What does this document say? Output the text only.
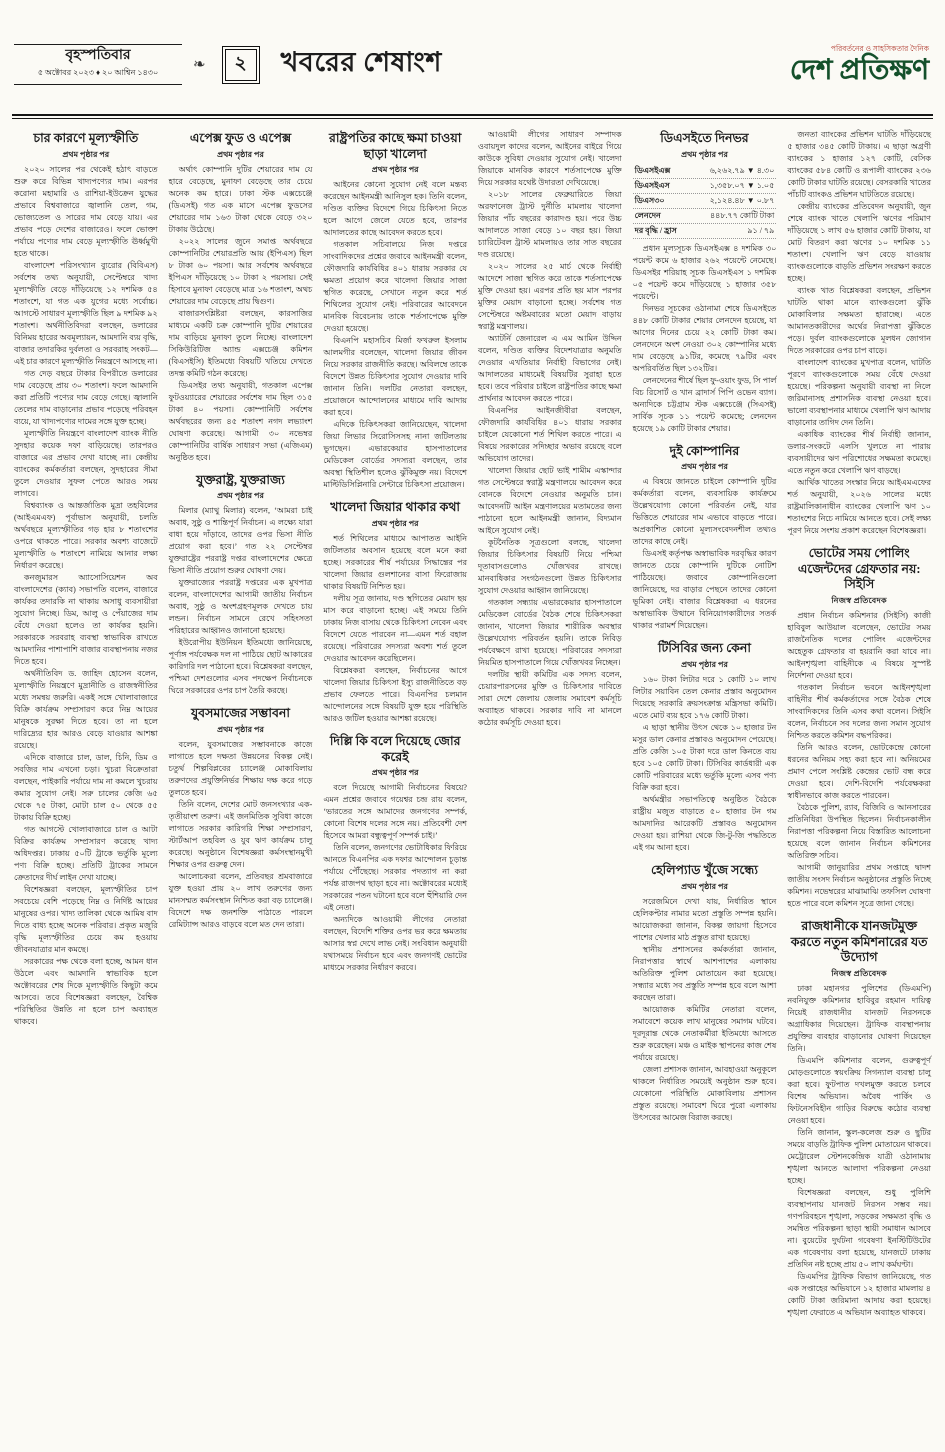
বৃহস্পতিবার
৫ অক্টোবর ২০২৩ ♦ ২০ আশ্বিন ১৪৩০	❧ ২ খবরের শেষাংশ	পরিবর্তনের ও সাহসিকতার দৈনিক
দেশ প্রতিক্ষণ
চার কারণে মূল্যস্ফীতি
প্রথম পৃষ্ঠার পর

২০২০ সালের পর থেকেই হঠাৎ বাড়তে শুরু করে বিভিন্ন খাদ্যপণ্যের দাম। এরপর করোনা মহামারি ও রাশিয়া-ইউক্রেন যুদ্ধের প্রভাবে বিশ্ববাজারে জ্বালানি তেল, গম, ভোজ্যতেল ও সারের দাম বেড়ে যায়। এর প্রভাব পড়ে দেশের বাজারেও। ফলে ভোক্তা পর্যায়ে পণ্যের দাম বেড়ে মূল্যস্ফীতি ঊর্ধ্বমুখী হতে থাকে।

বাংলাদেশ পরিসংখ্যান ব্যুরোর (বিবিএস) সর্বশেষ তথ্য অনুযায়ী, সেপ্টেম্বরে খাদ্য মূল্যস্ফীতি বেড়ে দাঁড়িয়েছে ১২ দশমিক ৫৪ শতাংশে, যা গত এক যুগের মধ্যে সর্বোচ্চ। আগস্টে সাধারণ মূল্যস্ফীতি ছিল ৯ দশমিক ৯২ শতাংশ। অর্থনীতিবিদরা বলছেন, ডলারের বিনিময় হারের অবমূল্যায়ন, আমদানি ব্যয় বৃদ্ধি, বাজার তদারকির দুর্বলতা ও সরবরাহ সংকট—এই চার কারণে মূল্যস্ফীতি নিয়ন্ত্রণে আসছে না।

গত দেড় বছরে টাকার বিপরীতে ডলারের দাম বেড়েছে প্রায় ৩০ শতাংশ। ফলে আমদানি করা প্রতিটি পণ্যের দাম বেড়ে গেছে। জ্বালানি তেলের দাম বাড়ানোর প্রভাব পড়েছে পরিবহন ব্যয়ে, যা খাদ্যপণ্যের দামের সঙ্গে যুক্ত হচ্ছে।

মূল্যস্ফীতি নিয়ন্ত্রণে বাংলাদেশ ব্যাংক নীতি সুদহার কয়েক দফা বাড়িয়েছে। তারপরও বাজারে এর প্রভাব দেখা যাচ্ছে না। কেন্দ্রীয় ব্যাংকের কর্মকর্তারা বলছেন, সুদহারের সীমা তুলে দেওয়ার সুফল পেতে আরও সময় লাগবে।

বিশ্বব্যাংক ও আন্তর্জাতিক মুদ্রা তহবিলের (আইএমএফ) পূর্বাভাস অনুযায়ী, চলতি অর্থবছরে মূল্যস্ফীতির গড় হার ৮ শতাংশের ওপরে থাকতে পারে। সরকার অবশ্য বাজেটে মূল্যস্ফীতি ৬ শতাংশে নামিয়ে আনার লক্ষ্য নির্ধারণ করেছে।

কনজুমারস অ্যাসোসিয়েশন অব বাংলাদেশের (ক্যাব) সভাপতি বলেন, বাজারে কার্যকর তদারকি না থাকায় অসাধু ব্যবসায়ীরা সুযোগ নিচ্ছে। ডিম, আলু ও পেঁয়াজের দাম বেঁধে দেওয়া হলেও তা কার্যকর হয়নি। সরকারকে সরবরাহ ব্যবস্থা স্বাভাবিক রাখতে আমদানির পাশাপাশি বাজার ব্যবস্থাপনায় নজর দিতে হবে।

অর্থনীতিবিদ ড. জাহিদ হোসেন বলেন, মূল্যস্ফীতি নিয়ন্ত্রণে মুদ্রানীতি ও রাজস্বনীতির মধ্যে সমন্বয় জরুরি। একই সঙ্গে খোলাবাজারে বিক্রি কার্যক্রম সম্প্রসারণ করে নিম্ন আয়ের মানুষকে সুরক্ষা দিতে হবে। তা না হলে দারিদ্র্যের হার আরও বেড়ে যাওয়ার আশঙ্কা রয়েছে।

এদিকে বাজারে চাল, ডাল, চিনি, ডিম ও সবজির দাম এখনো চড়া। খুচরা বিক্রেতারা বলছেন, পাইকারি পর্যায়ে দাম না কমলে খুচরায় কমার সুযোগ নেই। সরু চালের কেজি ৬৫ থেকে ৭৫ টাকা, মোটা চাল ৫০ থেকে ৫৫ টাকায় বিক্রি হচ্ছে।

গত আগস্টে খোলাবাজারে চাল ও আটা বিক্রির কার্যক্রম সম্প্রসারণ করেছে খাদ্য অধিদপ্তর। ঢাকায় ৫০টি ট্রাকে ভর্তুকি মূল্যে পণ্য বিক্রি হচ্ছে। প্রতিটি ট্রাকের সামনে ক্রেতাদের দীর্ঘ লাইন দেখা যাচ্ছে।

বিশেষজ্ঞরা বলছেন, মূল্যস্ফীতির চাপ সবচেয়ে বেশি পড়েছে নিম্ন ও নির্দিষ্ট আয়ের মানুষের ওপর। খাদ্য তালিকা থেকে আমিষ বাদ দিতে বাধ্য হচ্ছে অনেক পরিবার। প্রকৃত মজুরি বৃদ্ধি মূল্যস্ফীতির চেয়ে কম হওয়ায় জীবনযাত্রার মান কমছে।

সরকারের পক্ষ থেকে বলা হচ্ছে, আমন ধান উঠলে এবং আমদানি স্বাভাবিক হলে অক্টোবরের শেষ দিকে মূল্যস্ফীতি কিছুটা কমে আসবে। তবে বিশেষজ্ঞরা বলছেন, বৈশ্বিক পরিস্থিতির উন্নতি না হলে চাপ অব্যাহত থাকবে।

এপেক্স ফুড ও এপেক্স
প্রথম পৃষ্ঠার পর

অর্থাৎ কোম্পানি দুটির শেয়ারের দাম যে হারে বেড়েছে, মুনাফা বেড়েছে তার চেয়ে অনেক কম হারে। ঢাকা স্টক এক্সচেঞ্জে (ডিএসই) গত এক মাসে এপেক্স ফুডসের শেয়ারের দাম ১৬৩ টাকা থেকে বেড়ে ৩২০ টাকায় উঠেছে।

২০২২ সালের জুনে সমাপ্ত অর্থবছরে কোম্পানিটির শেয়ারপ্রতি আয় (ইপিএস) ছিল ৮ টাকা ৬০ পয়সা। আর সর্বশেষ অর্থবছরে ইপিএস দাঁড়িয়েছে ১০ টাকা ২ পয়সায়। সেই হিসাবে মুনাফা বেড়েছে মাত্র ১৬ শতাংশ, অথচ শেয়ারের দাম বেড়েছে প্রায় দ্বিগুণ।

বাজারসংশ্লিষ্টরা বলছেন, কারসাজির মাধ্যমে একটি চক্র কোম্পানি দুটির শেয়ারের দাম বাড়িয়ে মুনাফা তুলে নিচ্ছে। বাংলাদেশ সিকিউরিটিজ অ্যান্ড এক্সচেঞ্জ কমিশন (বিএসইসি) ইতিমধ্যে বিষয়টি খতিয়ে দেখতে তদন্ত কমিটি গঠন করেছে।

ডিএসইর তথ্য অনুযায়ী, গতকাল এপেক্স ফুটওয়্যারের শেয়ারের সর্বশেষ দাম ছিল ৩১৫ টাকা ৪০ পয়সা। কোম্পানিটি সর্বশেষ অর্থবছরের জন্য ৪৫ শতাংশ নগদ লভ্যাংশ ঘোষণা করেছে। আগামী ৩০ নভেম্বর কোম্পানিটির বার্ষিক সাধারণ সভা (এজিএম) অনুষ্ঠিত হবে।

যুক্তরাষ্ট্র, যুক্তরাজ্য
প্রথম পৃষ্ঠার পর

মিলার (ম্যাথু মিলার) বলেন, ‘আমরা চাই অবাধ, সুষ্ঠু ও শান্তিপূর্ণ নির্বাচন। এ লক্ষ্যে যারা বাধা হয়ে দাঁড়াবে, তাদের ওপর ভিসা নীতি প্রয়োগ করা হবে।’ গত ২২ সেপ্টেম্বর যুক্তরাষ্ট্রের পররাষ্ট্র দপ্তর বাংলাদেশের ক্ষেত্রে ভিসা নীতি প্রয়োগ শুরুর ঘোষণা দেয়।

যুক্তরাজ্যের পররাষ্ট্র দপ্তরের এক মুখপাত্র বলেন, বাংলাদেশের আগামী জাতীয় নির্বাচন অবাধ, সুষ্ঠু ও অংশগ্রহণমূলক দেখতে চায় লন্ডন। নির্বাচন সামনে রেখে সহিংসতা পরিহারের আহ্বানও জানানো হয়েছে।

ইউরোপীয় ইউনিয়ন ইতিমধ্যে জানিয়েছে, পূর্ণাঙ্গ পর্যবেক্ষক দল না পাঠিয়ে ছোট আকারের কারিগরি দল পাঠানো হবে। বিশ্লেষকরা বলছেন, পশ্চিমা দেশগুলোর এসব পদক্ষেপ নির্বাচনকে ঘিরে সরকারের ওপর চাপ তৈরি করছে।

যুবসমাজের সম্ভাবনা
প্রথম পৃষ্ঠার পর

বলেন, যুবসমাজের সম্ভাবনাকে কাজে লাগাতে হলে দক্ষতা উন্নয়নের বিকল্প নেই। চতুর্থ শিল্পবিপ্লবের চ্যালেঞ্জ মোকাবিলায় তরুণদের প্রযুক্তিনির্ভর শিক্ষায় দক্ষ করে গড়ে তুলতে হবে।

তিনি বলেন, দেশের মোট জনসংখ্যার এক-তৃতীয়াংশ তরুণ। এই জনমিতিক সুবিধা কাজে লাগাতে সরকার কারিগরি শিক্ষা সম্প্রসারণ, স্টার্টআপ তহবিল ও যুব ঋণ কার্যক্রম চালু করেছে। অনুষ্ঠানে বিশেষজ্ঞরা কর্মসংস্থানমুখী শিক্ষার ওপর গুরুত্ব দেন।

আলোচকরা বলেন, প্রতিবছর শ্রমবাজারে যুক্ত হওয়া প্রায় ২০ লাখ তরুণের জন্য মানসম্মত কর্মসংস্থান নিশ্চিত করা বড় চ্যালেঞ্জ। বিদেশে দক্ষ জনশক্তি পাঠাতে পারলে রেমিট্যান্স আরও বাড়বে বলে মত দেন তারা।

রাষ্ট্রপতির কাছে ক্ষমা চাওয়া ছাড়া খালেদা
প্রথম পৃষ্ঠার পর

আইনের কোনো সুযোগ নেই বলে মন্তব্য করেছেন আইনমন্ত্রী আনিসুল হক। তিনি বলেন, দণ্ডিত ব্যক্তির বিদেশে গিয়ে চিকিৎসা নিতে হলে আগে জেলে যেতে হবে, তারপর আদালতের কাছে আবেদন করতে হবে।

গতকাল সচিবালয়ে নিজ দপ্তরে সাংবাদিকদের প্রশ্নের জবাবে আইনমন্ত্রী বলেন, ফৌজদারি কার্যবিধির ৪০১ ধারায় সরকার যে ক্ষমতা প্রয়োগ করে খালেদা জিয়ার সাজা স্থগিত করেছে, সেখানে নতুন করে শর্ত শিথিলের সুযোগ নেই। পরিবারের আবেদনে মানবিক বিবেচনায় তাকে শর্তসাপেক্ষে মুক্তি দেওয়া হয়েছে।

বিএনপি মহাসচিব মির্জা ফখরুল ইসলাম আলমগীর বলেছেন, খালেদা জিয়ার জীবন নিয়ে সরকার রাজনীতি করছে। অবিলম্বে তাকে বিদেশে উন্নত চিকিৎসার সুযোগ দেওয়ার দাবি জানান তিনি। দলটির নেতারা বলছেন, প্রয়োজনে আন্দোলনের মাধ্যমে দাবি আদায় করা হবে।

এদিকে চিকিৎসকরা জানিয়েছেন, খালেদা জিয়া লিভার সিরোসিসসহ নানা জটিলতায় ভুগছেন। এভারকেয়ার হাসপাতালের মেডিকেল বোর্ডের সদস্যরা বলছেন, তার অবস্থা স্থিতিশীল হলেও ঝুঁকিমুক্ত নয়। বিদেশে মাল্টিডিসিপ্লিনারি সেন্টারে চিকিৎসা প্রয়োজন।

খালেদা জিয়ার থাকার কথা
প্রথম পৃষ্ঠার পর

শর্ত শিথিলের মাধ্যমে আপাতত আইনি জটিলতার অবসান হয়েছে বলে মনে করা হচ্ছে। সরকারের শীর্ষ পর্যায়ের সিদ্ধান্তের পর খালেদা জিয়ার গুলশানের বাসা ফিরোজায় থাকার বিষয়টি নিশ্চিত হয়।

দলীয় সূত্র জানায়, দণ্ড স্থগিতের মেয়াদ ছয় মাস করে বাড়ানো হচ্ছে। এই সময়ে তিনি ঢাকায় নিজ বাসায় থেকে চিকিৎসা নেবেন এবং বিদেশে যেতে পারবেন না—এমন শর্ত বহাল রয়েছে। পরিবারের সদস্যরা অবশ্য শর্ত তুলে দেওয়ার আবেদন করেছিলেন।

বিশ্লেষকরা বলছেন, নির্বাচনের আগে খালেদা জিয়ার চিকিৎসা ইস্যু রাজনীতিতে বড় প্রভাব ফেলতে পারে। বিএনপির চলমান আন্দোলনের সঙ্গে বিষয়টি যুক্ত হয়ে পরিস্থিতি আরও জটিল হওয়ার আশঙ্কা রয়েছে।

দিল্লি কি বলে দিয়েছে জোর করেই
প্রথম পৃষ্ঠার পর

বলে দিয়েছে আগামী নির্বাচনের বিষয়ে? এমন প্রশ্নের জবাবে গয়েশ্বর চন্দ্র রায় বলেন, ‘ভারতের সঙ্গে আমাদের জনগণের সম্পর্ক, কোনো বিশেষ দলের সঙ্গে নয়। প্রতিবেশী দেশ হিসেবে আমরা বন্ধুত্বপূর্ণ সম্পর্ক চাই।’

তিনি বলেন, জনগণের ভোটাধিকার ফিরিয়ে আনতে বিএনপির এক দফার আন্দোলন চূড়ান্ত পর্যায়ে পৌঁছেছে। সরকার পদত্যাগ না করা পর্যন্ত রাজপথ ছাড়া হবে না। অক্টোবরের মধ্যেই সরকারের পতন ঘটানো হবে বলে হুঁশিয়ারি দেন এই নেতা।

অন্যদিকে আওয়ামী লীগের নেতারা বলছেন, বিদেশি শক্তির ওপর ভর করে ক্ষমতায় আসার স্বপ্ন দেখে লাভ নেই। সংবিধান অনুযায়ী যথাসময়ে নির্বাচন হবে এবং জনগণই ভোটের মাধ্যমে সরকার নির্ধারণ করবে।

আওয়ামী লীগের সাধারণ সম্পাদক ওবায়দুল কাদের বলেন, আইনের বাইরে গিয়ে কাউকে সুবিধা দেওয়ার সুযোগ নেই। খালেদা জিয়াকে মানবিক কারণে শর্তসাপেক্ষে মুক্তি দিয়ে সরকার যথেষ্ট উদারতা দেখিয়েছে।

২০১৮ সালের ফেব্রুয়ারিতে জিয়া অরফানেজ ট্রাস্ট দুর্নীতি মামলায় খালেদা জিয়ার পাঁচ বছরের কারাদণ্ড হয়। পরে উচ্চ আদালতে সাজা বেড়ে ১০ বছর হয়। জিয়া চ্যারিটেবল ট্রাস্ট মামলায়ও তার সাত বছরের দণ্ড রয়েছে।

২০২০ সালের ২৫ মার্চ থেকে নির্বাহী আদেশে সাজা স্থগিত করে তাকে শর্তসাপেক্ষে মুক্তি দেওয়া হয়। এরপর প্রতি ছয় মাস পরপর মুক্তির মেয়াদ বাড়ানো হচ্ছে। সর্বশেষ গত সেপ্টেম্বরে অষ্টমবারের মতো মেয়াদ বাড়ায় স্বরাষ্ট্র মন্ত্রণালয়।

অ্যাটর্নি জেনারেল এ এম আমিন উদ্দিন বলেন, দণ্ডিত ব্যক্তির বিদেশযাত্রার অনুমতি দেওয়ার এখতিয়ার নির্বাহী বিভাগের নেই। আদালতের মাধ্যমেই বিষয়টির সুরাহা হতে হবে। তবে পরিবার চাইলে রাষ্ট্রপতির কাছে ক্ষমা প্রার্থনার আবেদন করতে পারে।

বিএনপির আইনজীবীরা বলছেন, ফৌজদারি কার্যবিধির ৪০১ ধারায় সরকার চাইলে যেকোনো শর্ত শিথিল করতে পারে। এ বিষয়ে সরকারের সদিচ্ছার অভাব রয়েছে বলে অভিযোগ তাদের।

খালেদা জিয়ার ছোট ভাই শামীম এস্কান্দার গত সেপ্টেম্বরে স্বরাষ্ট্র মন্ত্রণালয়ে আবেদন করে বোনকে বিদেশে নেওয়ার অনুমতি চান। আবেদনটি আইন মন্ত্রণালয়ের মতামতের জন্য পাঠানো হলে আইনমন্ত্রী জানান, বিদ্যমান আইনে সুযোগ নেই।

কূটনৈতিক সূত্রগুলো বলছে, খালেদা জিয়ার চিকিৎসার বিষয়টি নিয়ে পশ্চিমা দূতাবাসগুলোও খোঁজখবর রাখছে। মানবাধিকার সংগঠনগুলো উন্নত চিকিৎসার সুযোগ দেওয়ার আহ্বান জানিয়েছে।

গতকাল সন্ধ্যায় এভারকেয়ার হাসপাতালে মেডিকেল বোর্ডের বৈঠক শেষে চিকিৎসকরা জানান, খালেদা জিয়ার শারীরিক অবস্থার উল্লেখযোগ্য পরিবর্তন হয়নি। তাকে নিবিড় পর্যবেক্ষণে রাখা হয়েছে। পরিবারের সদস্যরা নিয়মিত হাসপাতালে গিয়ে খোঁজখবর নিচ্ছেন।

দলটির স্থায়ী কমিটির এক সদস্য বলেন, চেয়ারপারসনের মুক্তি ও চিকিৎসার দাবিতে সারা দেশে জেলায় জেলায় সমাবেশ কর্মসূচি অব্যাহত থাকবে। সরকার দাবি না মানলে কঠোর কর্মসূচি দেওয়া হবে।

ডিএসইতে দিনভর
প্রথম পৃষ্ঠার পর
ডিএসইএক্স	৬,২৬২.৭৯ ▼ ৪.৩০
ডিএসইএস	১,৩৫৮.০৭ ▼ ১.০৫
ডিএস৩০	২,১২৪.৪৮ ▼ ০.৮৭
লেনদেন	৪৪৮.৭৭ কোটি টাকা
দর বৃদ্ধি / হ্রাস	৯১ / ৭৯

প্রধান মূল্যসূচক ডিএসইএক্স ৪ দশমিক ৩০ পয়েন্ট কমে ৬ হাজার ২৬২ পয়েন্টে নেমেছে। ডিএসইর শরিয়াহ সূচক ডিএসইএস ১ দশমিক ০৫ পয়েন্ট কমে দাঁড়িয়েছে ১ হাজার ৩৫৮ পয়েন্টে।

দিনভর সূচকের ওঠানামা শেষে ডিএসইতে ৪৪৮ কোটি টাকার শেয়ার লেনদেন হয়েছে, যা আগের দিনের চেয়ে ২২ কোটি টাকা কম। লেনদেনে অংশ নেওয়া ৩০২ কোম্পানির মধ্যে দাম বেড়েছে ৯১টির, কমেছে ৭৯টির এবং অপরিবর্তিত ছিল ১৩২টির।

লেনদেনের শীর্ষে ছিল ফু-ওয়াং ফুড, সি পার্ল বিচ রিসোর্ট ও খান ব্রাদার্স পিপি ওভেন ব্যাগ। অন্যদিকে চট্টগ্রাম স্টক এক্সচেঞ্জে (সিএসই) সার্বিক সূচক ১১ পয়েন্ট কমেছে; লেনদেন হয়েছে ১৯ কোটি টাকার শেয়ার।

দুই কোম্পানির
প্রথম পৃষ্ঠার পর

এ বিষয়ে জানতে চাইলে কোম্পানি দুটির কর্মকর্তারা বলেন, ব্যবসায়িক কার্যক্রমে উল্লেখযোগ্য কোনো পরিবর্তন নেই, যার ভিত্তিতে শেয়ারের দাম এভাবে বাড়তে পারে। অপ্রকাশিত কোনো মূল্যসংবেদনশীল তথ্যও তাদের কাছে নেই।

ডিএসই কর্তৃপক্ষ অস্বাভাবিক দরবৃদ্ধির কারণ জানতে চেয়ে কোম্পানি দুটিকে নোটিশ পাঠিয়েছে। জবাবে কোম্পানিগুলো জানিয়েছে, দর বাড়ার পেছনে তাদের কোনো ভূমিকা নেই। বাজার বিশ্লেষকরা এ ধরনের অস্বাভাবিক উত্থানে বিনিয়োগকারীদের সতর্ক থাকার পরামর্শ দিয়েছেন।

টিসিবির জন্য কেনা
প্রথম পৃষ্ঠার পর

১৬০ টাকা লিটার দরে ১ কোটি ১০ লাখ লিটার সয়াবিন তেল কেনার প্রস্তাব অনুমোদন দিয়েছে সরকারি ক্রয়সংক্রান্ত মন্ত্রিসভা কমিটি। এতে মোট ব্যয় হবে ১৭৬ কোটি টাকা।

এ ছাড়া স্থানীয় উৎস থেকে ১০ হাজার টন মসুর ডাল কেনার প্রস্তাবও অনুমোদন পেয়েছে। প্রতি কেজি ১০৫ টাকা দরে ডাল কিনতে ব্যয় হবে ১০৫ কোটি টাকা। টিসিবির কার্ডধারী এক কোটি পরিবারের মধ্যে ভর্তুকি মূল্যে এসব পণ্য বিক্রি করা হবে।

অর্থমন্ত্রীর সভাপতিত্বে অনুষ্ঠিত বৈঠকে রাষ্ট্রীয় মজুত বাড়াতে ৫০ হাজার টন গম আমদানির আরেকটি প্রস্তাবও অনুমোদন দেওয়া হয়। রাশিয়া থেকে জি-টু-জি পদ্ধতিতে এই গম আনা হবে।

হেলিপ্যাড খুঁজে সন্ধ্যে
প্রথম পৃষ্ঠার পর

সরেজমিনে দেখা যায়, নির্ধারিত স্থানে হেলিকপ্টার নামার মতো প্রস্তুতি সম্পন্ন হয়নি। আয়োজকরা জানান, বিকল্প জায়গা হিসেবে পাশের খেলার মাঠ প্রস্তুত রাখা হয়েছে।

স্থানীয় প্রশাসনের কর্মকর্তারা জানান, নিরাপত্তার স্বার্থে আশপাশের এলাকায় অতিরিক্ত পুলিশ মোতায়েন করা হয়েছে। সন্ধ্যার মধ্যে সব প্রস্তুতি সম্পন্ন হবে বলে আশা করছেন তারা।

আয়োজক কমিটির নেতারা বলেন, সমাবেশে কয়েক লাখ মানুষের সমাগম ঘটবে। দূরদূরান্ত থেকে নেতাকর্মীরা ইতিমধ্যে আসতে শুরু করেছেন। মঞ্চ ও মাইক স্থাপনের কাজ শেষ পর্যায়ে রয়েছে।

জেলা প্রশাসক জানান, আবহাওয়া অনুকূলে থাকলে নির্ধারিত সময়েই অনুষ্ঠান শুরু হবে। যেকোনো পরিস্থিতি মোকাবিলায় প্রশাসন প্রস্তুত রয়েছে। সমাবেশ ঘিরে পুরো এলাকায় উৎসবের আমেজ বিরাজ করছে।

জনতা ব্যাংকের প্রভিশন ঘাটতি দাঁড়িয়েছে ৫ হাজার ৩৪৫ কোটি টাকায়। এ ছাড়া অগ্রণী ব্যাংকের ১ হাজার ১২৭ কোটি, বেসিক ব্যাংকের ৫৮৪ কোটি ও রূপালী ব্যাংকের ২৩৬ কোটি টাকার ঘাটতি রয়েছে। বেসরকারি খাতের পাঁচটি ব্যাংকও প্রভিশন ঘাটতিতে রয়েছে।

কেন্দ্রীয় ব্যাংকের প্রতিবেদন অনুযায়ী, জুন শেষে ব্যাংক খাতে খেলাপি ঋণের পরিমাণ দাঁড়িয়েছে ১ লাখ ৫৬ হাজার কোটি টাকায়, যা মোট বিতরণ করা ঋণের ১০ দশমিক ১১ শতাংশ। খেলাপি ঋণ বেড়ে যাওয়ায় ব্যাংকগুলোকে বাড়তি প্রভিশন সংরক্ষণ করতে হচ্ছে।

ব্যাংক খাত বিশ্লেষকরা বলছেন, প্রভিশন ঘাটতি থাকা মানে ব্যাংকগুলো ঝুঁকি মোকাবিলার সক্ষমতা হারাচ্ছে। এতে আমানতকারীদের অর্থের নিরাপত্তা ঝুঁকিতে পড়ে। দুর্বল ব্যাংকগুলোকে মূলধন জোগান দিতে সরকারের ওপর চাপ বাড়ে।

বাংলাদেশ ব্যাংকের মুখপাত্র বলেন, ঘাটতি পূরণে ব্যাংকগুলোকে সময় বেঁধে দেওয়া হয়েছে। পরিকল্পনা অনুযায়ী ব্যবস্থা না নিলে জরিমানাসহ প্রশাসনিক ব্যবস্থা নেওয়া হবে। ভালো ব্যবস্থাপনার মাধ্যমে খেলাপি ঋণ আদায় বাড়ানোর তাগিদ দেন তিনি।

একাধিক ব্যাংকের শীর্ষ নির্বাহী জানান, ডলার-সংকটে এলসি খুলতে না পারায় ব্যবসায়ীদের ঋণ পরিশোধের সক্ষমতা কমেছে। এতে নতুন করে খেলাপি ঋণ বাড়ছে।

আর্থিক খাতের সংস্কার নিয়ে আইএমএফের শর্ত অনুযায়ী, ২০২৬ সালের মধ্যে রাষ্ট্রমালিকানাধীন ব্যাংকের খেলাপি ঋণ ১০ শতাংশের নিচে নামিয়ে আনতে হবে। সেই লক্ষ্য পূরণ নিয়ে সংশয় প্রকাশ করেছেন বিশেষজ্ঞরা।

ভোটের সময় পোলিং এজেন্টদের গ্রেফতার নয়: সিইসি
নিজস্ব প্রতিবেদক

প্রধান নির্বাচন কমিশনার (সিইসি) কাজী হাবিবুল আউয়াল বলেছেন, ভোটের সময় রাজনৈতিক দলের পোলিং এজেন্টদের অহেতুক গ্রেফতার বা হয়রানি করা যাবে না। আইনশৃঙ্খলা বাহিনীকে এ বিষয়ে সুস্পষ্ট নির্দেশনা দেওয়া হবে।

গতকাল নির্বাচন ভবনে আইনশৃঙ্খলা বাহিনীর শীর্ষ কর্মকর্তাদের সঙ্গে বৈঠক শেষে সাংবাদিকদের তিনি এসব কথা বলেন। সিইসি বলেন, নির্বাচনে সব দলের জন্য সমান সুযোগ নিশ্চিত করতে কমিশন বদ্ধপরিকর।

তিনি আরও বলেন, ভোটকেন্দ্রে কোনো ধরনের অনিয়ম সহ্য করা হবে না। অনিয়মের প্রমাণ পেলে সংশ্লিষ্ট কেন্দ্রের ভোট বন্ধ করে দেওয়া হবে। দেশি-বিদেশি পর্যবেক্ষকরা স্বাধীনভাবে কাজ করতে পারবেন।

বৈঠকে পুলিশ, র‌্যাব, বিজিবি ও আনসারের প্রতিনিধিরা উপস্থিত ছিলেন। নির্বাচনকালীন নিরাপত্তা পরিকল্পনা নিয়ে বিস্তারিত আলোচনা হয়েছে বলে জানান নির্বাচন কমিশনের অতিরিক্ত সচিব।

আগামী জানুয়ারির প্রথম সপ্তাহে দ্বাদশ জাতীয় সংসদ নির্বাচন অনুষ্ঠানের প্রস্তুতি নিচ্ছে কমিশন। নভেম্বরের মাঝামাঝি তফসিল ঘোষণা হতে পারে বলে কমিশন সূত্রে জানা গেছে।

রাজধানীকে যানজটমুক্ত করতে নতুন কমিশনারের যত উদ্যোগ
নিজস্ব প্রতিবেদক

ঢাকা মহানগর পুলিশের (ডিএমপি) নবনিযুক্ত কমিশনার হাবিবুর রহমান দায়িত্ব নিয়েই রাজধানীর যানজট নিরসনকে অগ্রাধিকার দিয়েছেন। ট্রাফিক ব্যবস্থাপনায় প্রযুক্তির ব্যবহার বাড়ানোর ঘোষণা দিয়েছেন তিনি।

ডিএমপি কমিশনার বলেন, গুরুত্বপূর্ণ মোড়গুলোতে স্বয়ংক্রিয় সিগন্যাল ব্যবস্থা চালু করা হবে। ফুটপাত দখলমুক্ত করতে চলবে বিশেষ অভিযান। অবৈধ পার্কিং ও ফিটনেসবিহীন গাড়ির বিরুদ্ধে কঠোর ব্যবস্থা নেওয়া হবে।

তিনি জানান, স্কুল-কলেজ শুরু ও ছুটির সময়ে বাড়তি ট্রাফিক পুলিশ মোতায়েন থাকবে। মেট্রোরেল স্টেশনকেন্দ্রিক যাত্রী ওঠানামায় শৃঙ্খলা আনতে আলাদা পরিকল্পনা নেওয়া হচ্ছে।

বিশেষজ্ঞরা বলছেন, শুধু পুলিশি ব্যবস্থাপনায় যানজট নিরসন সম্ভব নয়। গণপরিবহনে শৃঙ্খলা, সড়কের সক্ষমতা বৃদ্ধি ও সমন্বিত পরিকল্পনা ছাড়া স্থায়ী সমাধান আসবে না। বুয়েটের দুর্ঘটনা গবেষণা ইনস্টিটিউটের এক গবেষণায় বলা হয়েছে, যানজটে ঢাকায় প্রতিদিন নষ্ট হচ্ছে প্রায় ৫০ লাখ কর্মঘণ্টা।

ডিএমপির ট্রাফিক বিভাগ জানিয়েছে, গত এক সপ্তাহের অভিযানে ১২ হাজার মামলায় ৪ কোটি টাকা জরিমানা আদায় করা হয়েছে। শৃঙ্খলা ফেরাতে এ অভিযান অব্যাহত থাকবে।
